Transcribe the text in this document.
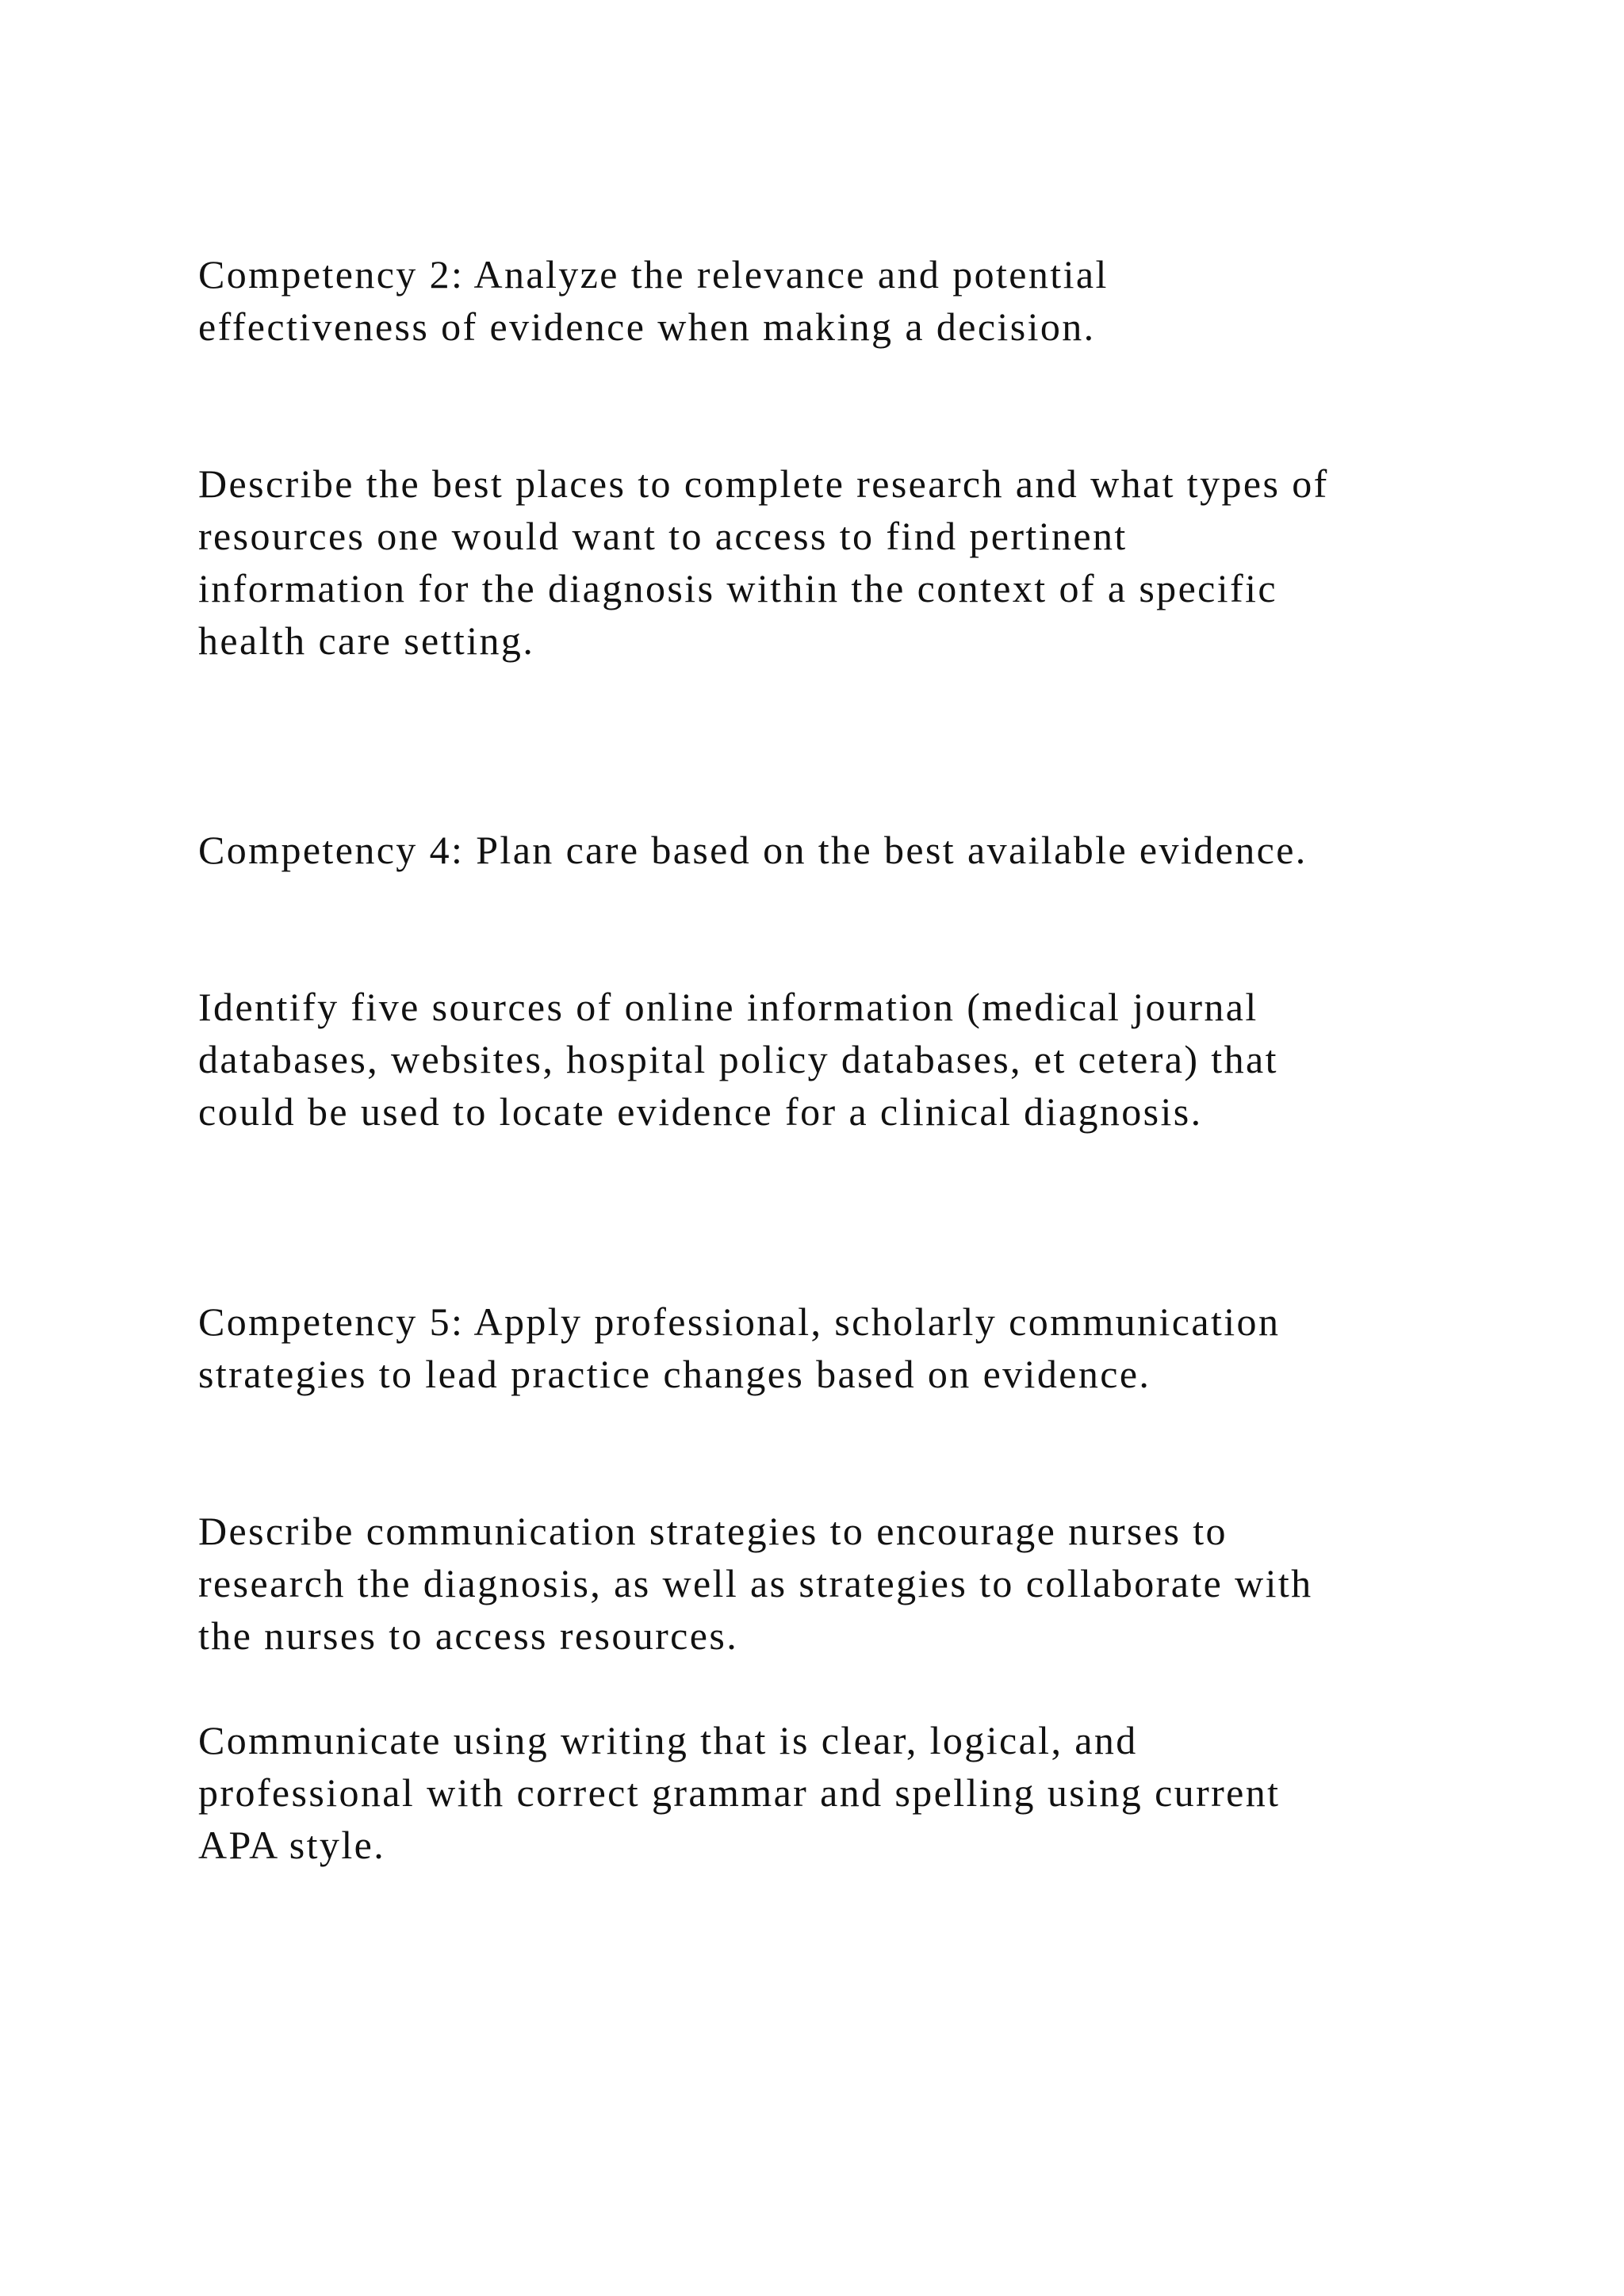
Competency 2: Analyze the relevance and potential
effectiveness of evidence when making a decision.

Describe the best places to complete research and what types of
resources one would want to access to find pertinent
information for the diagnosis within the context of a specific
health care setting.

Competency 4: Plan care based on the best available evidence.

Identify five sources of online information (medical journal
databases, websites, hospital policy databases, et cetera) that
could be used to locate evidence for a clinical diagnosis.

Competency 5: Apply professional, scholarly communication
strategies to lead practice changes based on evidence.

Describe communication strategies to encourage nurses to
research the diagnosis, as well as strategies to collaborate with
the nurses to access resources.

Communicate using writing that is clear, logical, and
professional with correct grammar and spelling using current
APA style.
